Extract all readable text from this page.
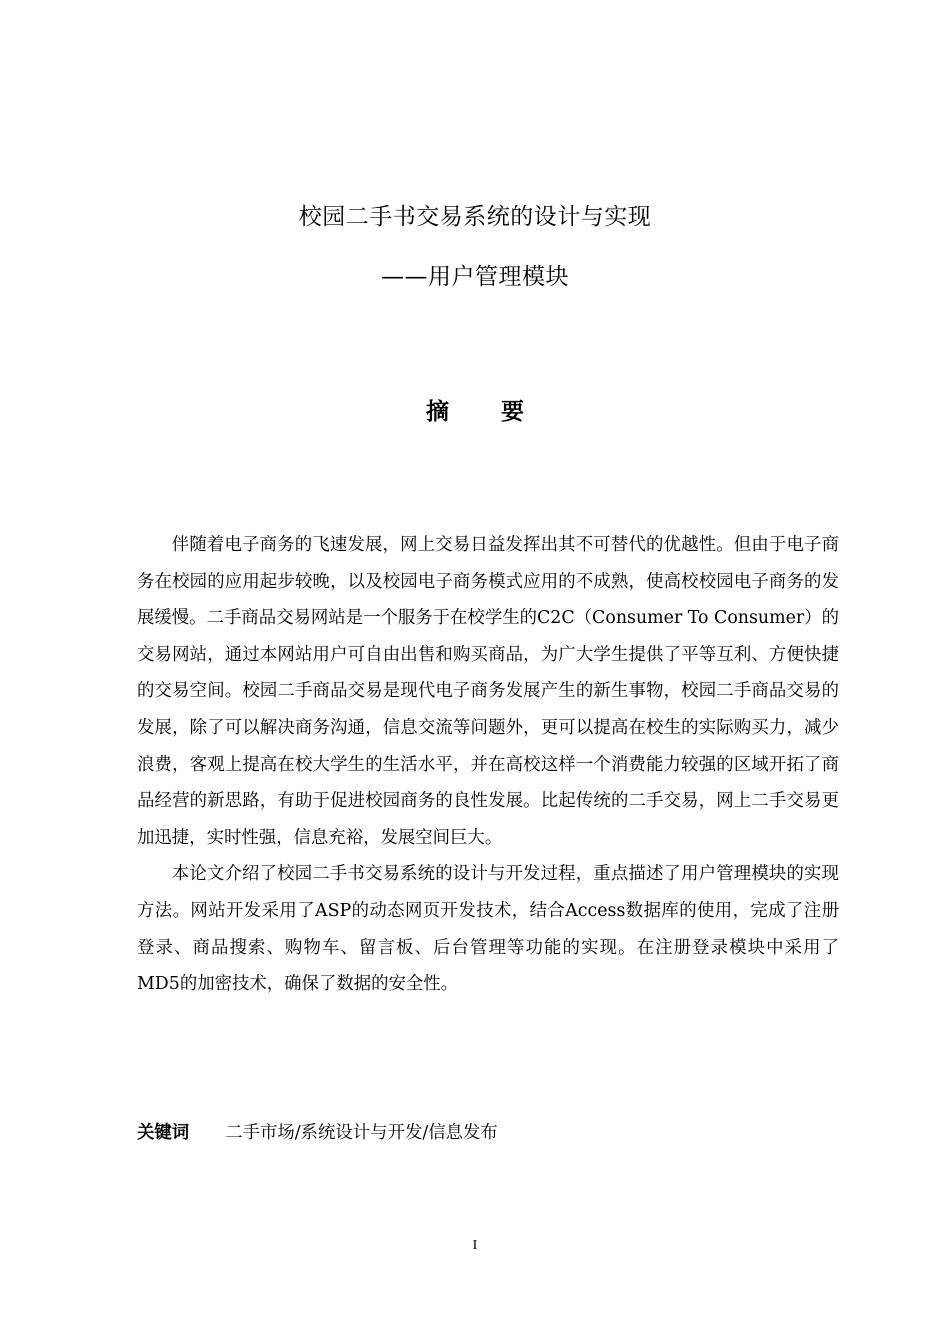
校园二手书交易系统的设计与实现
——用户管理模块
摘要

伴随着电子商务的飞速发展，网上交易日益发挥出其不可替代的优越性。但由于电子商务在校园的应用起步较晚，以及校园电子商务模式应用的不成熟，使高校校园电子商务的发展缓慢。二手商品交易网站是一个服务于在校学生的C2C（Consumer To Consumer）的交易网站，通过本网站用户可自由出售和购买商品，为广大学生提供了平等互利、方便快捷的交易空间。校园二手商品交易是现代电子商务发展产生的新生事物，校园二手商品交易的发展，除了可以解决商务沟通，信息交流等问题外，更可以提高在校生的实际购买力，减少浪费，客观上提高在校大学生的生活水平，并在高校这样一个消费能力较强的区域开拓了商品经营的新思路，有助于促进校园商务的良性发展。比起传统的二手交易，网上二手交易更加迅捷，实时性强，信息充裕，发展空间巨大。

本论文介绍了校园二手书交易系统的设计与开发过程，重点描述了用户管理模块的实现方法。网站开发采用了ASP的动态网页开发技术，结合Access数据库的使用，完成了注册登录、商品搜索、购物车、留言板、后台管理等功能的实现。在注册登录模块中采用了MD5的加密技术，确保了数据的安全性。

关键词 二手市场/系统设计与开发/信息发布
I
